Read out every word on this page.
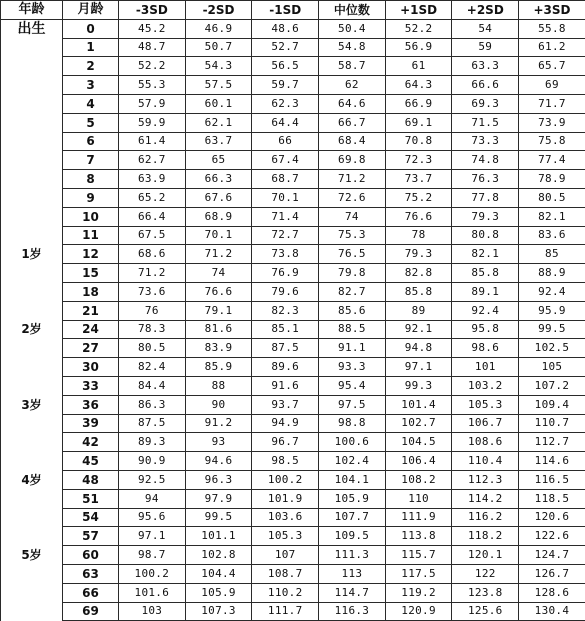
年龄	月龄	-3SD	-2SD	-1SD	中位数	+1SD	+2SD	+3SD
出生	0	45.2	46.9	48.6	50.4	52.2	54	55.8
	1	48.7	50.7	52.7	54.8	56.9	59	61.2
	2	52.2	54.3	56.5	58.7	61	63.3	65.7
	3	55.3	57.5	59.7	62	64.3	66.6	69
	4	57.9	60.1	62.3	64.6	66.9	69.3	71.7
	5	59.9	62.1	64.4	66.7	69.1	71.5	73.9
	6	61.4	63.7	66	68.4	70.8	73.3	75.8
	7	62.7	65	67.4	69.8	72.3	74.8	77.4
	8	63.9	66.3	68.7	71.2	73.7	76.3	78.9
	9	65.2	67.6	70.1	72.6	75.2	77.8	80.5
	10	66.4	68.9	71.4	74	76.6	79.3	82.1
	11	67.5	70.1	72.7	75.3	78	80.8	83.6
1岁	12	68.6	71.2	73.8	76.5	79.3	82.1	85
	15	71.2	74	76.9	79.8	82.8	85.8	88.9
	18	73.6	76.6	79.6	82.7	85.8	89.1	92.4
	21	76	79.1	82.3	85.6	89	92.4	95.9
2岁	24	78.3	81.6	85.1	88.5	92.1	95.8	99.5
	27	80.5	83.9	87.5	91.1	94.8	98.6	102.5
	30	82.4	85.9	89.6	93.3	97.1	101	105
	33	84.4	88	91.6	95.4	99.3	103.2	107.2
3岁	36	86.3	90	93.7	97.5	101.4	105.3	109.4
	39	87.5	91.2	94.9	98.8	102.7	106.7	110.7
	42	89.3	93	96.7	100.6	104.5	108.6	112.7
	45	90.9	94.6	98.5	102.4	106.4	110.4	114.6
4岁	48	92.5	96.3	100.2	104.1	108.2	112.3	116.5
	51	94	97.9	101.9	105.9	110	114.2	118.5
	54	95.6	99.5	103.6	107.7	111.9	116.2	120.6
	57	97.1	101.1	105.3	109.5	113.8	118.2	122.6
5岁	60	98.7	102.8	107	111.3	115.7	120.1	124.7
	63	100.2	104.4	108.7	113	117.5	122	126.7
	66	101.6	105.9	110.2	114.7	119.2	123.8	128.6
	69	103	107.3	111.7	116.3	120.9	125.6	130.4
